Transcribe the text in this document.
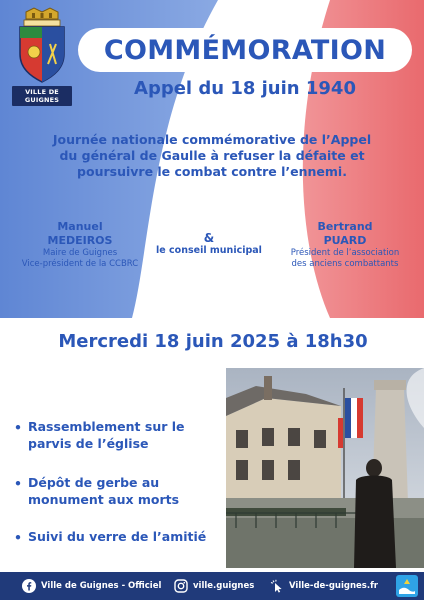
VILLE DE GUIGNES
COMMÉMORATION
Appel du 18 juin 1940
Journée nationale commémorative de l’Appel
du général de Gaulle à refuser la défaite et
poursuivre le combat contre l’ennemi.
Manuel
MEDEIROS
Maire de Guignes
Vice-président de la CCBRC
&
le conseil municipal
Bertrand
PUARD
Président de l’association
des anciens combattants
Mercredi 18 juin 2025 à 18h30
• Rassemblement sur le
parvis de l’église
• Dépôt de gerbe au
monument aux morts
• Suivi du verre de l’amitié
Ville de Guignes - Officiel	ville.guignes	Ville-de-guignes.fr
